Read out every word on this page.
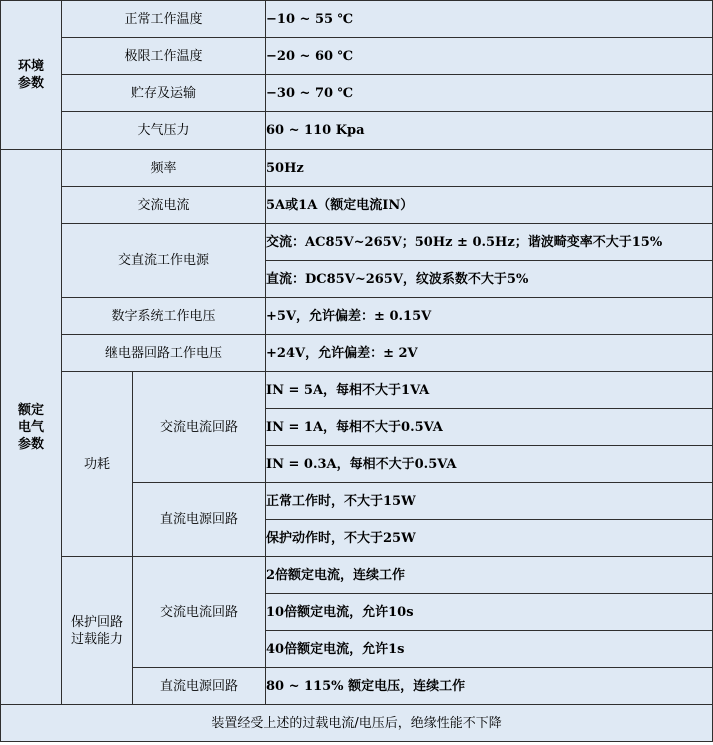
环境
参数	正常工作温度		−10 ~ 55 ℃
	极限工作温度		−20 ~ 60 ℃
	贮存及运输		−30 ~ 70 ℃
	大气压力		60 ~ 110 Kpa

额定
电气
参数	频率		50Hz
	交流电流		5A或1A（额定电流IN）
	交直流工作电源		交流：AC85V~265V；50Hz ± 0.5Hz；谐波畸变率不大于15%
			直流：DC85V~265V，纹波系数不大于5%
	数字系统工作电压		+5V，允许偏差：± 0.15V
	继电器回路工作电压		+24V，允许偏差：± 2V
	功耗	交流电流回路	IN = 5A，每相不大于1VA
			IN = 1A，每相不大于0.5VA
			IN = 0.3A，每相不大于0.5VA
		直流电源回路	正常工作时，不大于15W
			保护动作时，不大于25W

	保护回路
过载能力	交流电流回路	2倍额定电流，连续工作
			10倍额定电流，允许10s
			40倍额定电流，允许1s
		直流电源回路	80 ~ 115% 额定电压，连续工作
装置经受上述的过载电流/电压后，绝缘性能不下降			
